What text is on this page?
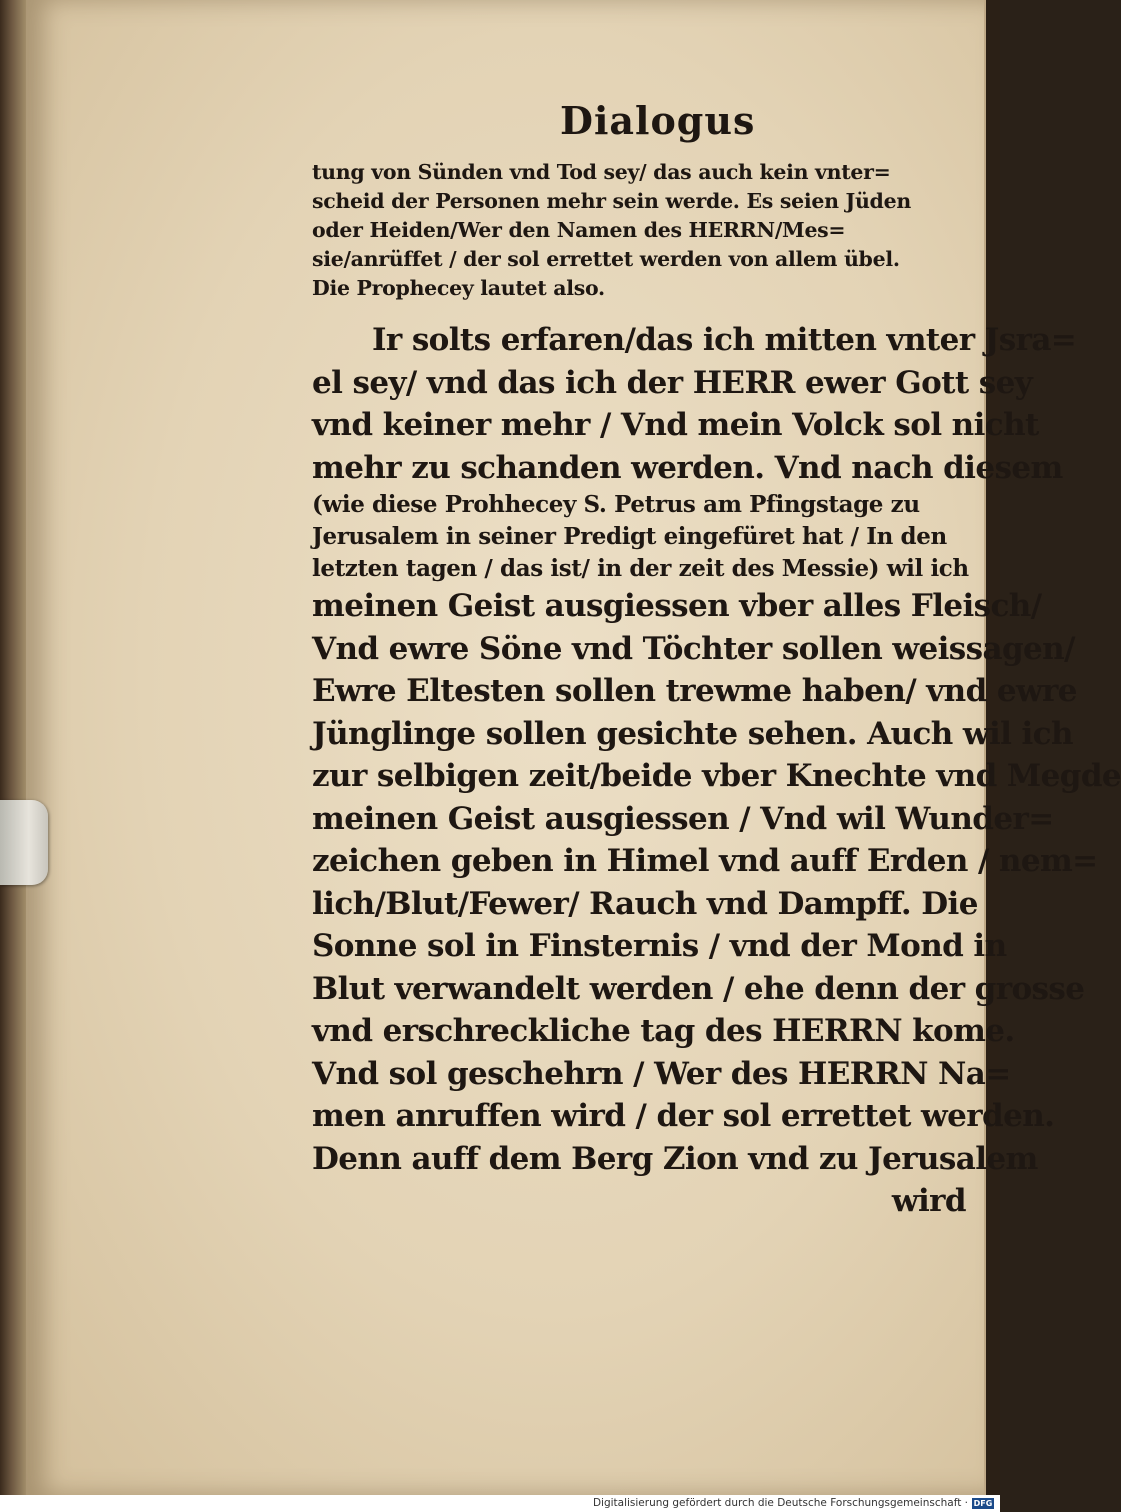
Dialogus
tung von Sünden vnd Tod sey/ das auch kein vnter=
scheid der Personen mehr sein werde. Es seien Jüden
oder Heiden/Wer den Namen des HERRN/Mes=
sie/anrüffet / der sol errettet werden von allem übel.
Die Prophecey lautet also.
Ir solts erfaren/das ich mitten vnter Jsra=
el sey/ vnd das ich der HERR ewer Gott sey
vnd keiner mehr / Vnd mein Volck sol nicht
mehr zu schanden werden. Vnd nach diesem
(wie diese Prohhecey S. Petrus am Pfingstage zu
Jerusalem in seiner Predigt eingefüret hat / In den
letzten tagen / das ist/ in der zeit des Messie) wil ich
meinen Geist ausgiessen vber alles Fleisch/
Vnd ewre Söne vnd Töchter sollen weissagen/
Ewre Eltesten sollen trewme haben/ vnd ewre
Jünglinge sollen gesichte sehen. Auch wil ich
zur selbigen zeit/beide vber Knechte vnd Megde
meinen Geist ausgiessen / Vnd wil Wunder=
zeichen geben in Himel vnd auff Erden / nem=
lich/Blut/Fewer/ Rauch vnd Dampff. Die
Sonne sol in Finsternis / vnd der Mond in
Blut verwandelt werden / ehe denn der grosse
vnd erschreckliche tag des HERRN kome.
Vnd sol geschehrn / Wer des HERRN Na=
men anruffen wird / der sol errettet werden.
Denn auff dem Berg Zion vnd zu Jerusalem
wird
Digitalisierung gefördert durch die Deutsche Forschungsgemeinschaft · DFG
